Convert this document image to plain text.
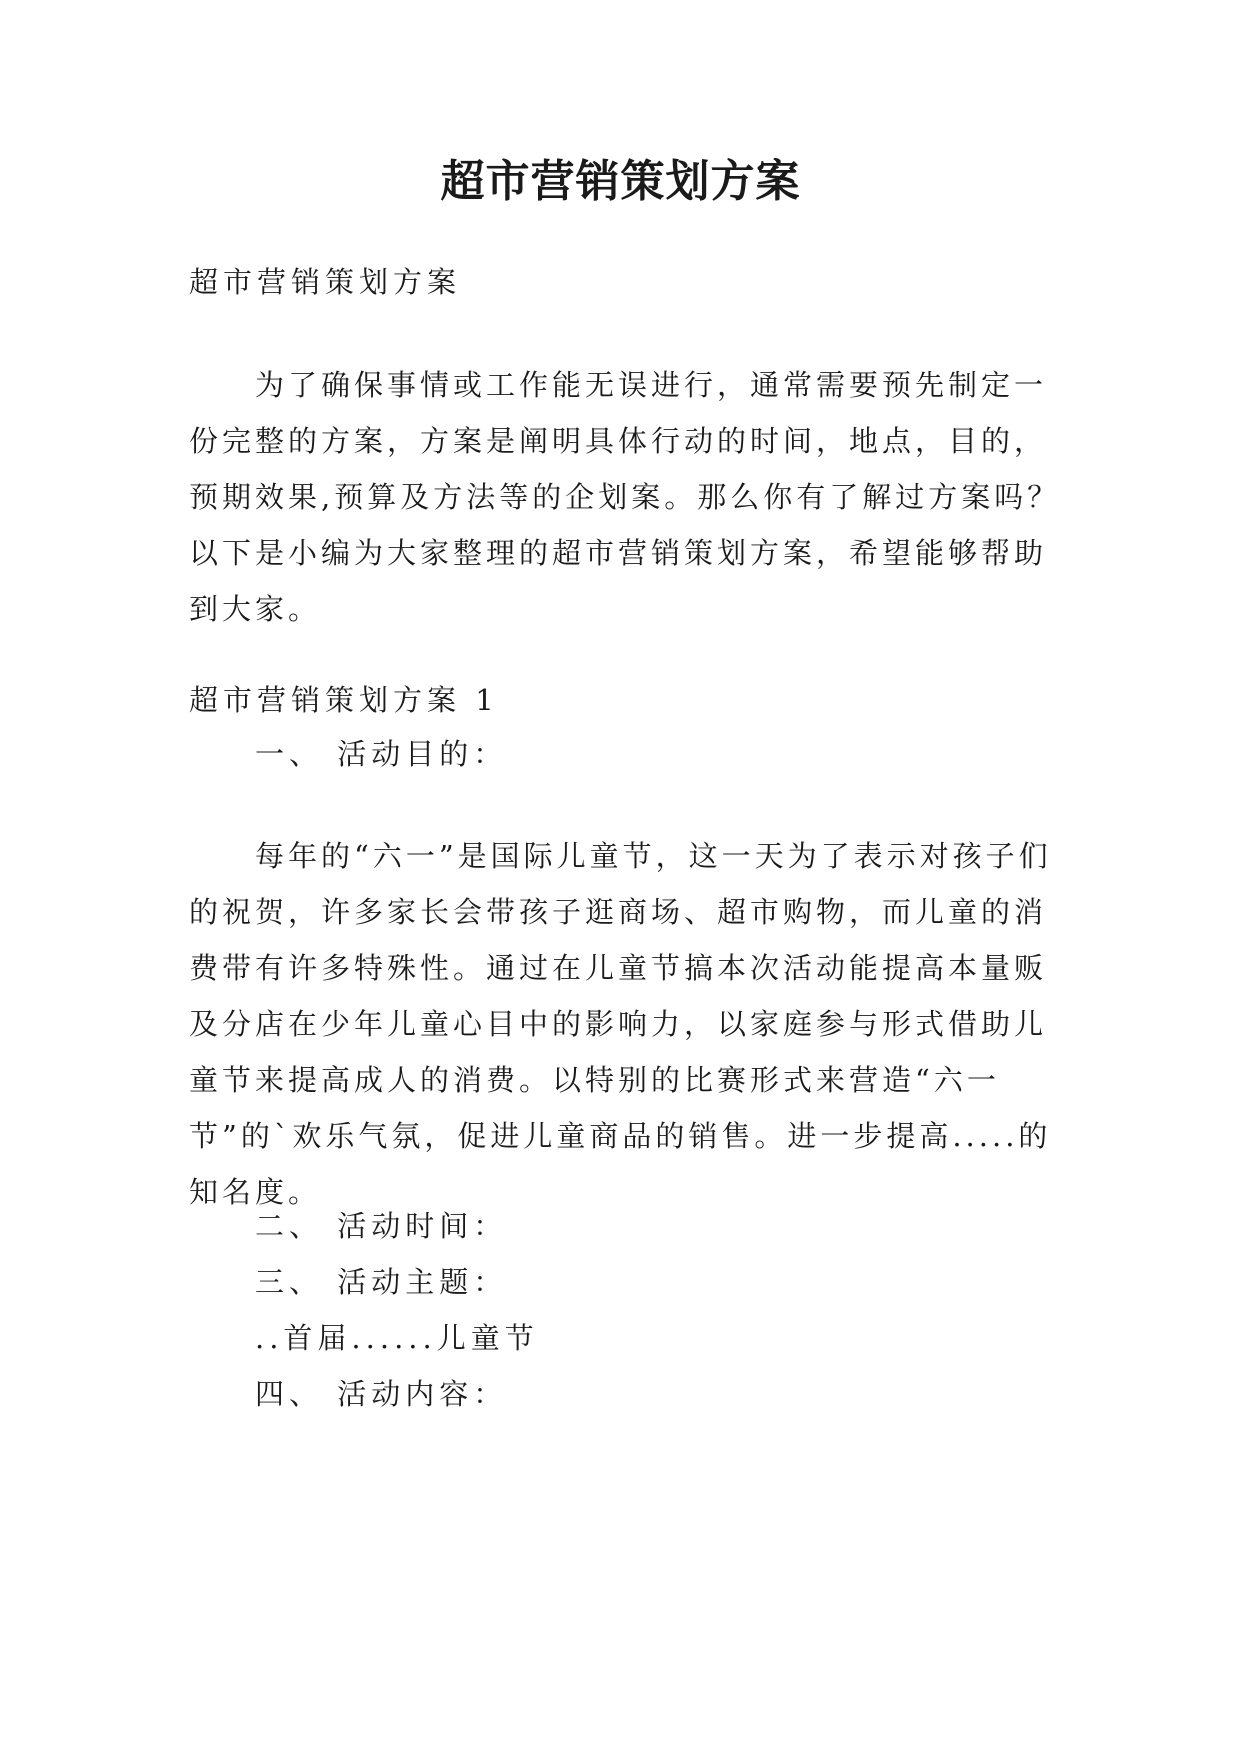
超市营销策划方案
超市营销策划方案
为了确保事情或工作能无误进行，通常需要预先制定一份完整的方案，方案是阐明具体行动的时间，地点，目的，预期效果,预算及方法等的企划案。那么你有了解过方案吗？以下是小编为大家整理的超市营销策划方案，希望能够帮助到大家。
超市营销策划方案 1
一、 活动目的：
每年的“六一”是国际儿童节，这一天为了表示对孩子们的祝贺，许多家长会带孩子逛商场、超市购物，而儿童的消费带有许多特殊性。通过在儿童节搞本次活动能提高本量贩及分店在少年儿童心目中的影响力，以家庭参与形式借助儿童节来提高成人的消费。以特别的比赛形式来营造“六一节”的`欢乐气氛，促进儿童商品的销售。进一步提高.....的知名度。
二、 活动时间：
三、 活动主题：
..首届......儿童节
四、 活动内容：
